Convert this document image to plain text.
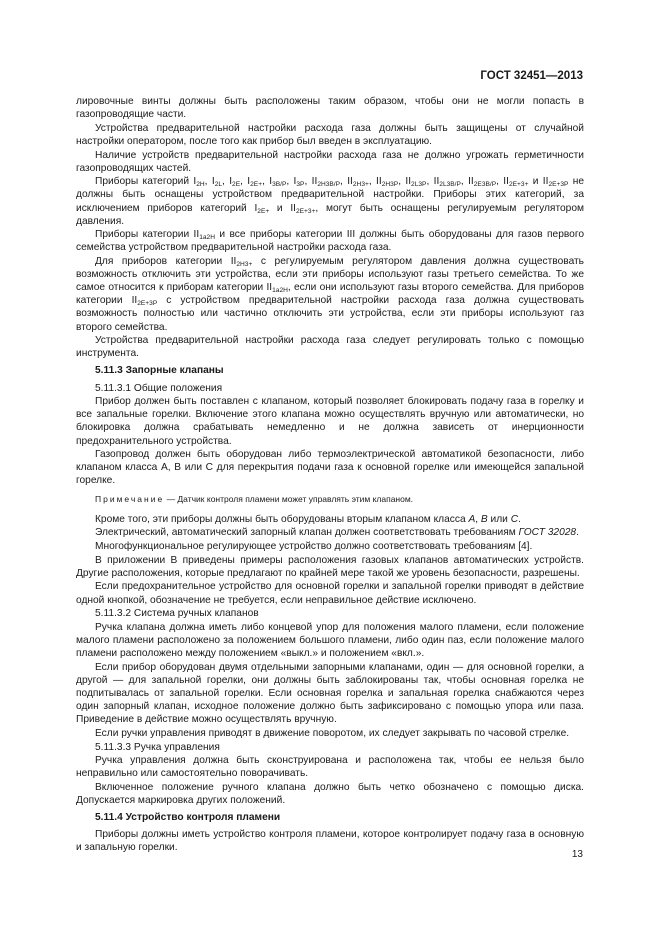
ГОСТ 32451—2013

лировочные винты должны быть расположены таким образом, чтобы они не могли попасть в газопроводящие части.

Устройства предварительной настройки расхода газа должны быть защищены от случайной настройки оператором, после того как прибор был введен в эксплуатацию.

Наличие устройств предварительной настройки расхода газа не должно угрожать герметичности газопроводящих частей.

Приборы категорий $I_{2H}$, $I_{2L}$, $I_{2E}$, $I_{2E+}$, $I_{3B/P}$, $I_{3P}$, $II_{2H3B/P}$, $II_{2H3+}$, $II_{2H3P}$, $II_{2L3P}$, $II_{2L3B/P}$, $II_{2E3B/P}$, $II_{2E+3+}$ и $II_{2E+3P}$ не должны быть оснащены устройством предварительной настройки. Приборы этих категорий, за исключением приборов категорий $I_{2E+}$ и $II_{2E+3+}$, могут быть оснащены регулируемым регулятором давления.

Приборы категории $II_{1a2H}$ и все приборы категории III должны быть оборудованы для газов первого семейства устройством предварительной настройки расхода газа.

Для приборов категории $II_{2H3+}$ с регулируемым регулятором давления должна существовать возможность отключить эти устройства, если эти приборы используют газы третьего семейства. То же самое относится к приборам категории $II_{1a2H}$, если они используют газы второго семейства. Для приборов категории $II_{2E+3P}$ с устройством предварительной настройки расхода газа должна существовать возможность полностью или частично отключить эти устройства, если эти приборы используют газ второго семейства.

Устройства предварительной настройки расхода газа следует регулировать только с помощью инструмента.

5.11.3 Запорные клапаны

5.11.3.1 Общие положения

Прибор должен быть поставлен с клапаном, который позволяет блокировать подачу газа в горелку и все запальные горелки. Включение этого клапана можно осуществлять вручную или автоматически, но блокировка должна срабатывать немедленно и не должна зависеть от инерционности предохранительного устройства.

Газопровод должен быть оборудован либо термоэлектрической автоматикой безопасности, либо клапаном класса А, В или С для перекрытия подачи газа к основной горелке или имеющейся запальной горелке.

Примечание — Датчик контроля пламени может управлять этим клапаном.

Кроме того, эти приборы должны быть оборудованы вторым клапаном класса А, В или С.

Электрический, автоматический запорный клапан должен соответствовать требованиям ГОСТ 32028.

Многофункциональное регулирующее устройство должно соответствовать требованиям [4].

В приложении В приведены примеры расположения газовых клапанов автоматических устройств. Другие расположения, которые предлагают по крайней мере такой же уровень безопасности, разрешены.

Если предохранительное устройство для основной горелки и запальной горелки приводят в действие одной кнопкой, обозначение не требуется, если неправильное действие исключено.

5.11.3.2 Система ручных клапанов

Ручка клапана должна иметь либо концевой упор для положения малого пламени, если положение малого пламени расположено за положением большого пламени, либо один паз, если положение малого пламени расположено между положением «выкл.» и положением «вкл.».

Если прибор оборудован двумя отдельными запорными клапанами, один — для основной горелки, а другой — для запальной горелки, они должны быть заблокированы так, чтобы основная горелка не подпитывалась от запальной горелки. Если основная горелка и запальная горелка снабжаются через один запорный клапан, исходное положение должно быть зафиксировано с помощью упора или паза. Приведение в действие можно осуществлять вручную.

Если ручки управления приводят в движение поворотом, их следует закрывать по часовой стрелке.

5.11.3.3 Ручка управления

Ручка управления должна быть сконструирована и расположена так, чтобы ее нельзя было неправильно или самостоятельно поворачивать.

Включенное положение ручного клапана должно быть четко обозначено с помощью диска. Допускается маркировка других положений.

5.11.4 Устройство контроля пламени

Приборы должны иметь устройство контроля пламени, которое контролирует подачу газа в основную и запальную горелки.

13
